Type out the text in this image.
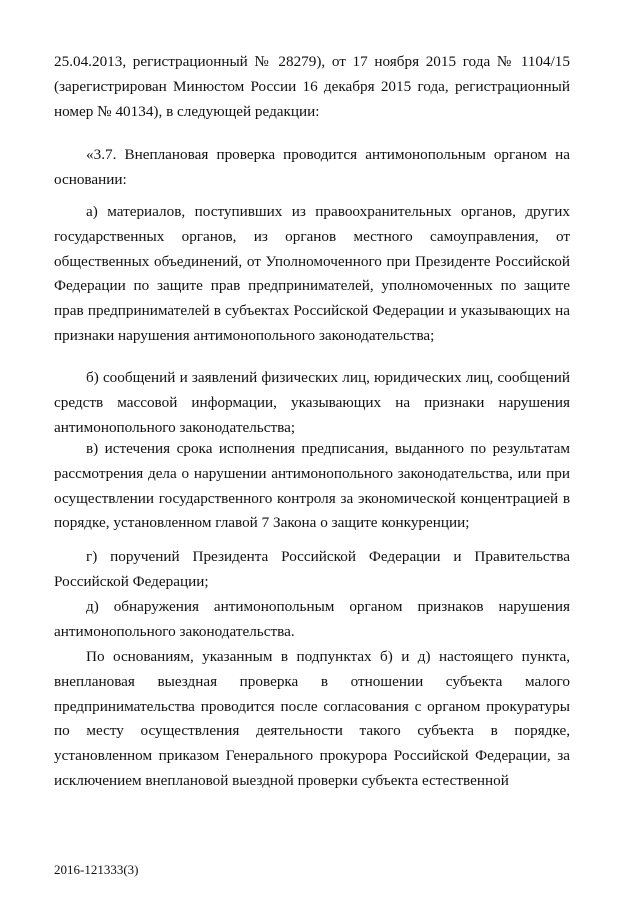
25.04.2013, регистрационный № 28279), от 17 ноября 2015 года № 1104/15 (зарегистрирован Минюстом России 16 декабря 2015 года, регистрационный номер № 40134), в следующей редакции:

«3.7. Внеплановая проверка проводится антимонопольным органом на основании:

а) материалов, поступивших из правоохранительных органов, других государственных органов, из органов местного самоуправления, от общественных объединений, от Уполномоченного при Президенте Российской Федерации по защите прав предпринимателей, уполномоченных по защите прав предпринимателей в субъектах Российской Федерации и указывающих на признаки нарушения антимонопольного законодательства;

б) сообщений и заявлений физических лиц, юридических лиц, сообщений средств массовой информации, указывающих на признаки нарушения антимонопольного законодательства;

в) истечения срока исполнения предписания, выданного по результатам рассмотрения дела о нарушении антимонопольного законодательства, или при осуществлении государственного контроля за экономической концентрацией в порядке, установленном главой 7 Закона о защите конкуренции;

г) поручений Президента Российской Федерации и Правительства Российской Федерации;

д) обнаружения антимонопольным органом признаков нарушения антимонопольного законодательства.

По основаниям, указанным в подпунктах б) и д) настоящего пункта, внеплановая выездная проверка в отношении субъекта малого предпринимательства проводится после согласования с органом прокуратуры по месту осуществления деятельности такого субъекта в порядке, установленном приказом Генерального прокурора Российской Федерации, за исключением внеплановой выездной проверки субъекта естественной

2016-121333(3)
